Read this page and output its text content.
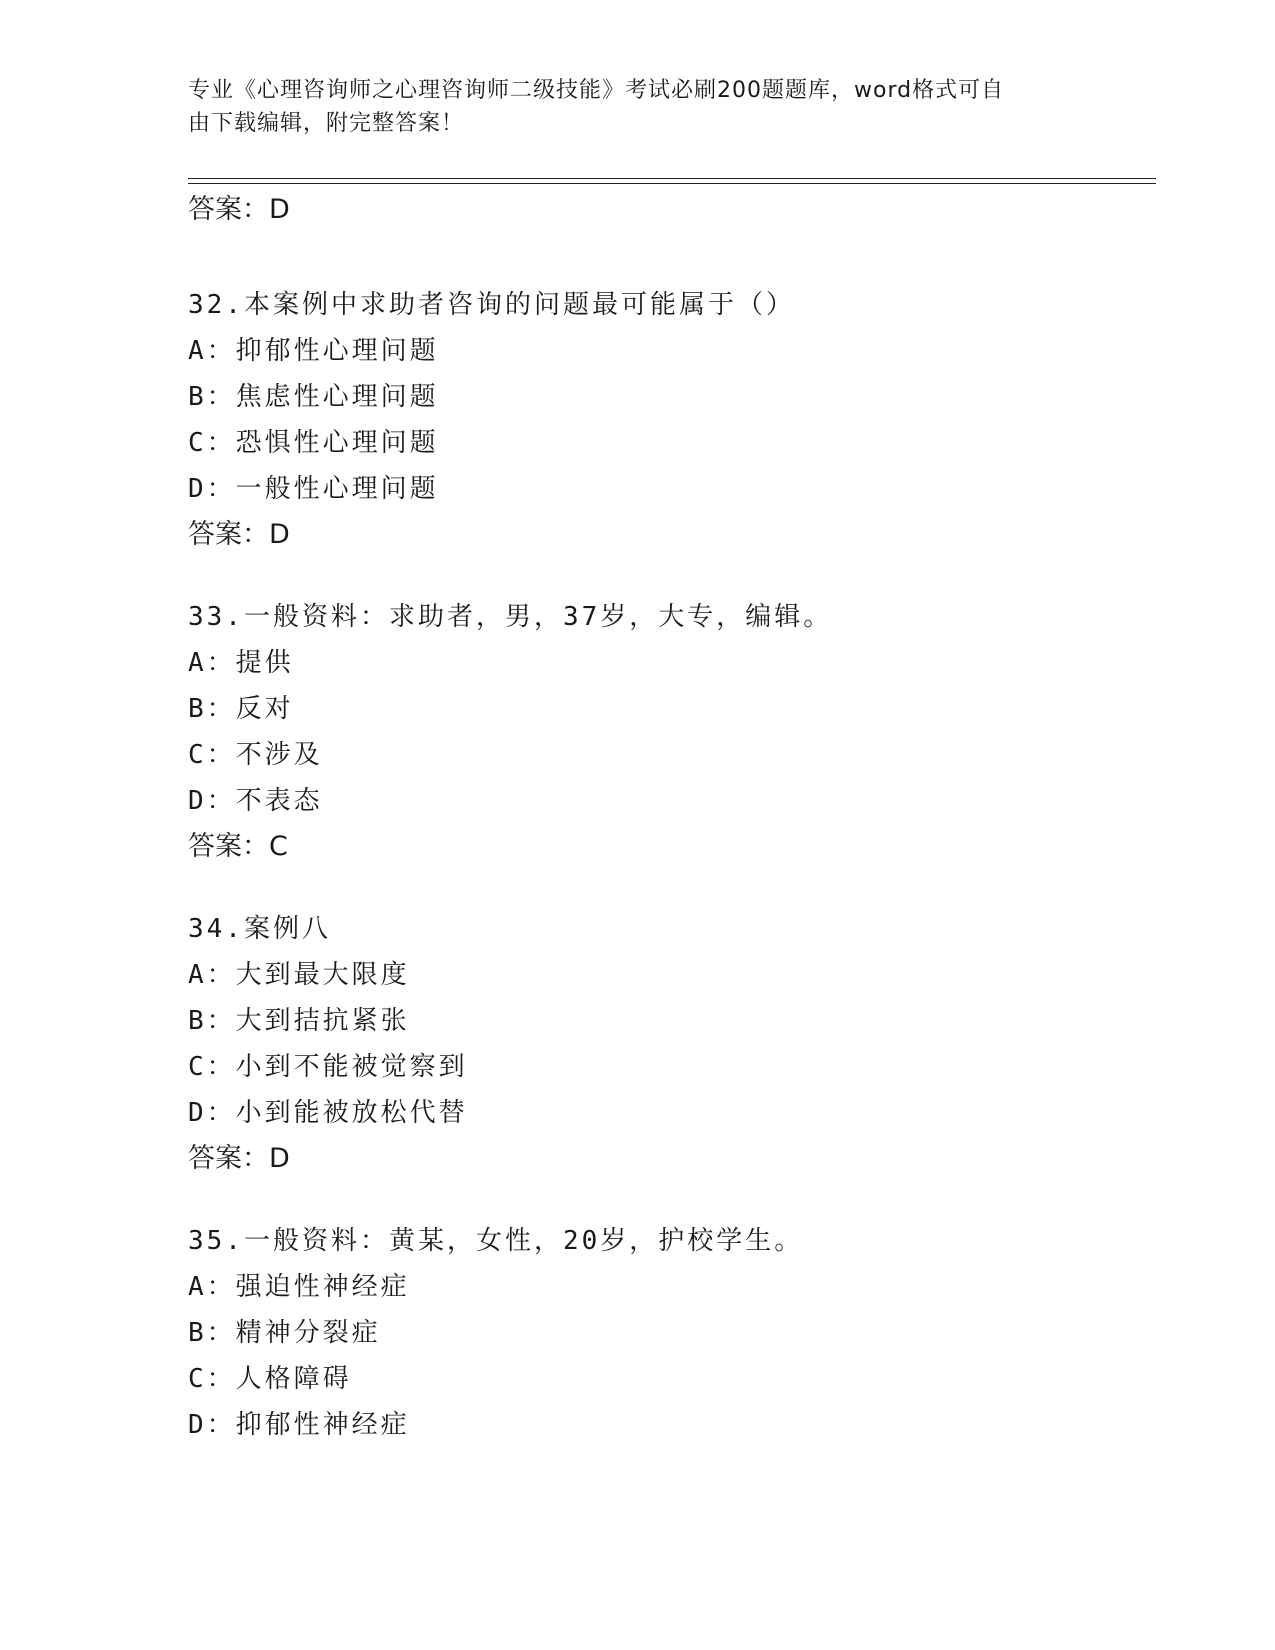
专业《心理咨询师之心理咨询师二级技能》考试必刷200题题库，word格式可自
由下载编辑，附完整答案！
答案：D
32.本案例中求助者咨询的问题最可能属于（）
A：抑郁性心理问题
B：焦虑性心理问题
C：恐惧性心理问题
D：一般性心理问题
答案：D
33.一般资料：求助者，男，37岁，大专，编辑。
A：提供
B：反对
C：不涉及
D：不表态
答案：C
34.案例八
A：大到最大限度
B：大到拮抗紧张
C：小到不能被觉察到
D：小到能被放松代替
答案：D
35.一般资料：黄某，女性，20岁，护校学生。
A：强迫性神经症
B：精神分裂症
C：人格障碍
D：抑郁性神经症
